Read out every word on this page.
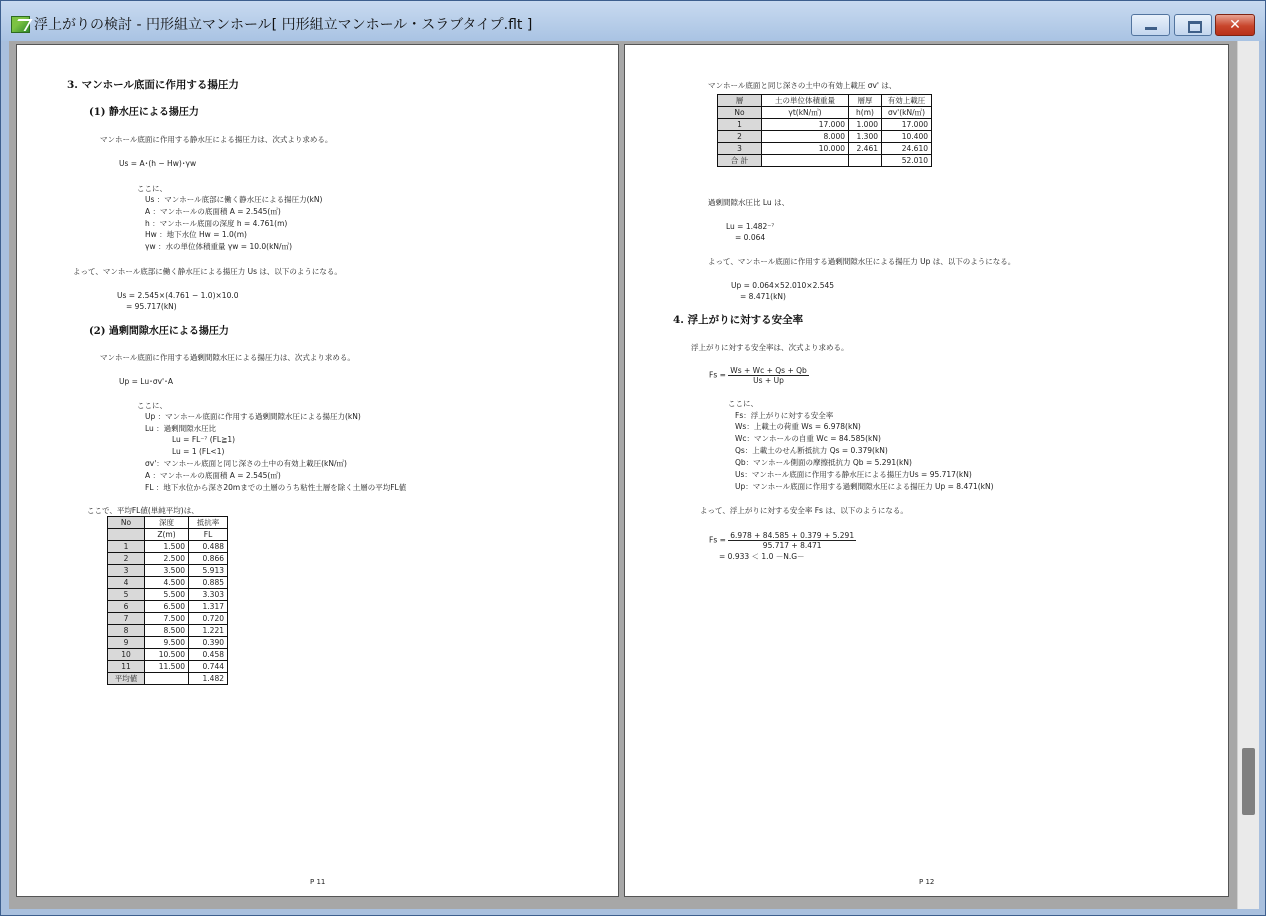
浮上がりの検討 - 円形組立マンホール[ 円形組立マンホール・スラブタイプ.flt ]	✕
3. マンホール底面に作用する揚圧力
(1) 静水圧による揚圧力
マンホール底面に作用する静水圧による揚圧力は、次式より求める。
Us = A･(h − Hw)･γw
ここに、
Us ：マンホール底部に働く静水圧による揚圧力(kN)
A ：マンホールの底面積 A = 2.545(㎡)
h ：マンホール底面の深度 h = 4.761(m)
Hw ：地下水位 Hw = 1.0(m)
γw ：水の単位体積重量 γw = 10.0(kN/㎥)
よって、マンホール底部に働く静水圧による揚圧力 Us は、以下のようになる。
Us = 2.545×(4.761 − 1.0)×10.0
= 95.717(kN)
(2) 過剰間隙水圧による揚圧力
マンホール底面に作用する過剰間隙水圧による揚圧力は、次式より求める。
Up = Lu･σv'･A
ここに、
Up ：マンホール底面に作用する過剰間隙水圧による揚圧力(kN)
Lu ：過剰間隙水圧比
Lu = FL⁻⁷ (FL≧1)
Lu = 1 (FL<1)
σv'：マンホール底面と同じ深さの土中の有効上載圧(kN/㎡)
A ：マンホールの底面積 A = 2.545(㎡)
FL ：地下水位から深さ20mまでの土層のうち粘性土層を除く土層の平均FL値
ここで、平均FL値(単純平均)は、
No	深度	抵抗率
	Z(m)	FL
1	1.500	0.488
2	2.500	0.866
3	3.500	5.913
4	4.500	0.885
5	5.500	3.303
6	6.500	1.317
7	7.500	0.720
8	8.500	1.221
9	9.500	0.390
10	10.500	0.458
11	11.500	0.744
平均値		1.482
P 11
マンホール底面と同じ深さの土中の有効上載圧 σv' は、
層	土の単位体積重量	層厚	有効上載圧
No	γt(kN/㎥)	h(m)	σv'(kN/㎡)
1	17.000	1.000	17.000
2	8.000	1.300	10.400
3	10.000	2.461	24.610
合 計			52.010
過剰間隙水圧比 Lu は、
Lu = 1.482⁻⁷
= 0.064
よって、マンホール底面に作用する過剰間隙水圧による揚圧力 Up は、以下のようになる。
Up = 0.064×52.010×2.545
= 8.471(kN)
4. 浮上がりに対する安全率
浮上がりに対する安全率は、次式より求める。
$Fs = \frac{Ws + Wc + Qs + Qb}{Us + Up}$
ここに、
Fs：浮上がりに対する安全率
Ws：上載土の荷重 Ws = 6.978(kN)
Wc：マンホールの自重 Wc = 84.585(kN)
Qs：上載土のせん断抵抗力 Qs = 0.379(kN)
Qb：マンホール側面の摩擦抵抗力 Qb = 5.291(kN)
Us：マンホール底面に作用する静水圧による揚圧力Us = 95.717(kN)
Up：マンホール底面に作用する過剰間隙水圧による揚圧力 Up = 8.471(kN)
よって、浮上がりに対する安全率 Fs は、以下のようになる。
$Fs = \frac{6.978 + 84.585 + 0.379 + 5.291}{95.717 + 8.471}$
= 0.933 ＜ 1.0 －N.G－
P 12
